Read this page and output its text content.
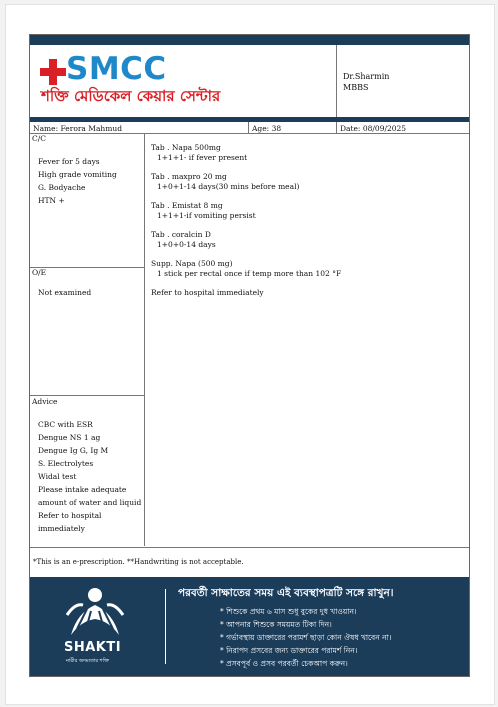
SMCC
শক্তি মেডিকেল কেয়ার সেন্টার
Dr.Sharmin
MBBS
Name: Ferora Mahmud	Age: 38	Date: 08/09/2025
C/C
Fever for 5 days
High grade vomiting
G. Bodyache
HTN +
O/E
Not examined
Advice
CBC with ESR
Dengue NS 1 ag
Dengue Ig G, Ig M
S. Electrolytes
Widal test
Please intake adequate
amount of water and liquid
Refer to hospital
immediately
Tab . Napa 500mg
1+1+1- if fever present
Tab . maxpro 20 mg
1+0+1-14 days(30 mins before meal)
Tab . Emistat 8 mg
1+1+1-if vomiting persist
Tab . coralcin D
1+0+0-14 days
Supp. Napa (500 mg)
1 stick per rectal once if temp more than 102 °F
Refer to hospital immediately
*This is an e-prescription. **Handwriting is not acceptable.
SHAKTI
নারীর অদম্যতার শক্তি
পরবর্তী সাক্ষাতের সময় এই ব্যবস্থাপত্রটি সঙ্গে রাখুন।
* শিশুকে প্রথম ৬ মাস শুধু বুকের দুধ খাওয়ান।
* আপনার শিশুকে সময়মত টিকা দিন।
* গর্ভাবস্থায় ডাক্তারের পরামর্শ ছাড়া কোন ঔষধ খাবেন না।
* নিরাপদ প্রসবের জন্য ডাক্তারের পরামর্শ নিন।
* প্রসবপূর্ব ও প্রসব পরবর্তী চেকআপ করুন।
